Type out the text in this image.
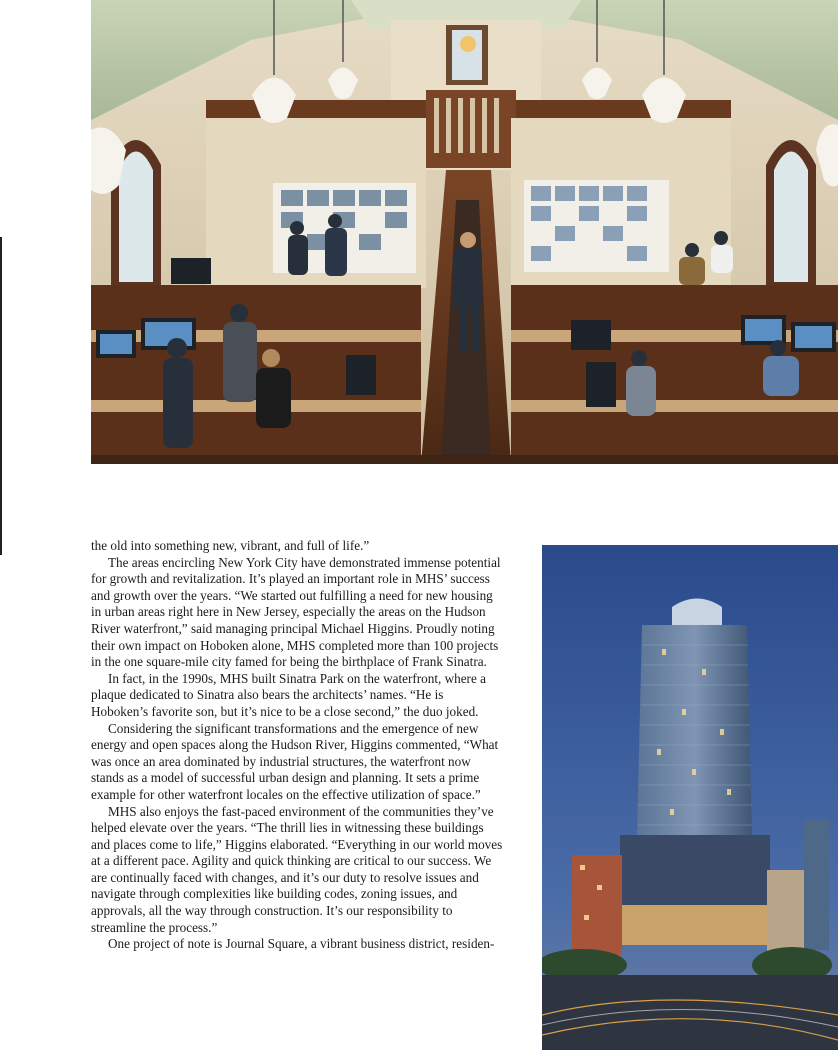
the old into something new, vibrant, and full of life.”

The areas encircling New York City have demonstrated immense potential for growth and revitalization. It’s played an important role in MHS’ success and growth over the years. “We started out fulfilling a need for new housing in urban areas right here in New Jersey, especially the areas on the Hudson River waterfront,” said managing principal Michael Higgins. Proudly noting their own impact on Hoboken alone, MHS completed more than 100 projects in the one square-mile city famed for being the birthplace of Frank Sinatra.

In fact, in the 1990s, MHS built Sinatra Park on the waterfront, where a plaque dedicated to Sinatra also bears the architects’ names. “He is Hoboken’s favorite son, but it’s nice to be a close second,” the duo joked.

Considering the significant transformations and the emergence of new energy and open spaces along the Hudson River, Higgins commented, “What was once an area dominated by industrial structures, the waterfront now stands as a model of successful urban design and planning. It sets a prime example for other waterfront locales on the effective utilization of space.”

MHS also enjoys the fast-paced environment of the communities they’ve helped elevate over the years. “The thrill lies in witnessing these buildings and places come to life,” Higgins elaborated. “Everything in our world moves at a different pace. Agility and quick thinking are critical to our success. We are continually faced with changes, and it’s our duty to resolve issues and navigate through complexities like building codes, zoning issues, and approvals, all the way through construction. It’s our responsibility to streamline the process.”

One project of note is Journal Square, a vibrant business district, residen-
